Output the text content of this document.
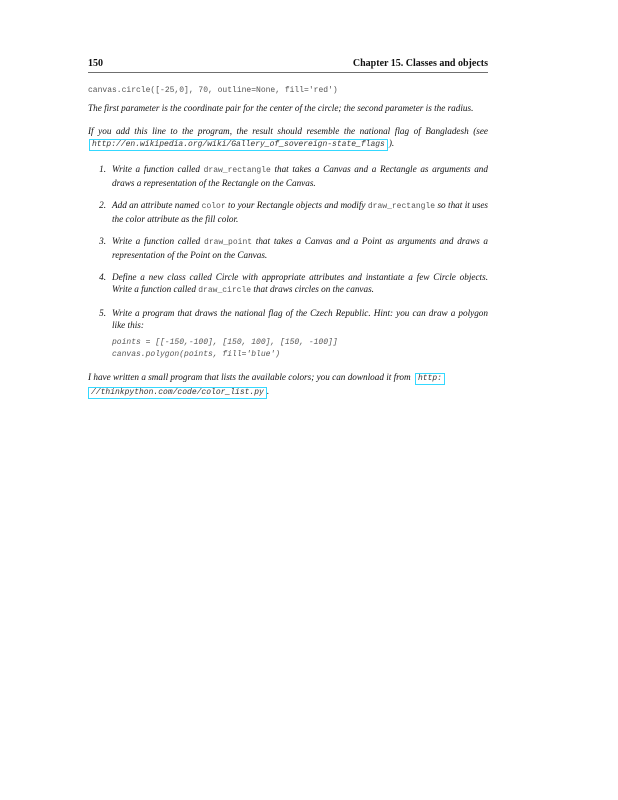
150	Chapter 15. Classes and objects
canvas.circle([-25,0], 70, outline=None, fill='red')

The first parameter is the coordinate pair for the center of the circle; the second parameter is the radius.

If you add this line to the program, the result should resemble the national flag of Bangladesh (see http://en.wikipedia.org/wiki/Gallery_of_sovereign-state_flags ).

1. Write a function called draw_rectangle that takes a Canvas and a Rectangle as arguments and draws a representation of the Rectangle on the Canvas.
2. Add an attribute named color to your Rectangle objects and modify draw_rectangle so that it uses the color attribute as the fill color.
3. Write a function called draw_point that takes a Canvas and a Point as arguments and draws a representation of the Point on the Canvas.
4. Define a new class called Circle with appropriate attributes and instantiate a few Circle objects. Write a function called draw_circle that draws circles on the canvas.
5. Write a program that draws the national flag of the Czech Republic. Hint: you can draw a polygon like this:
points = [[-150,-100], [150, 100], [150, -100]]
canvas.polygon(points, fill='blue')

I have written a small program that lists the available colors; you can download it from http:
//thinkpython.com/code/color_list.py .
